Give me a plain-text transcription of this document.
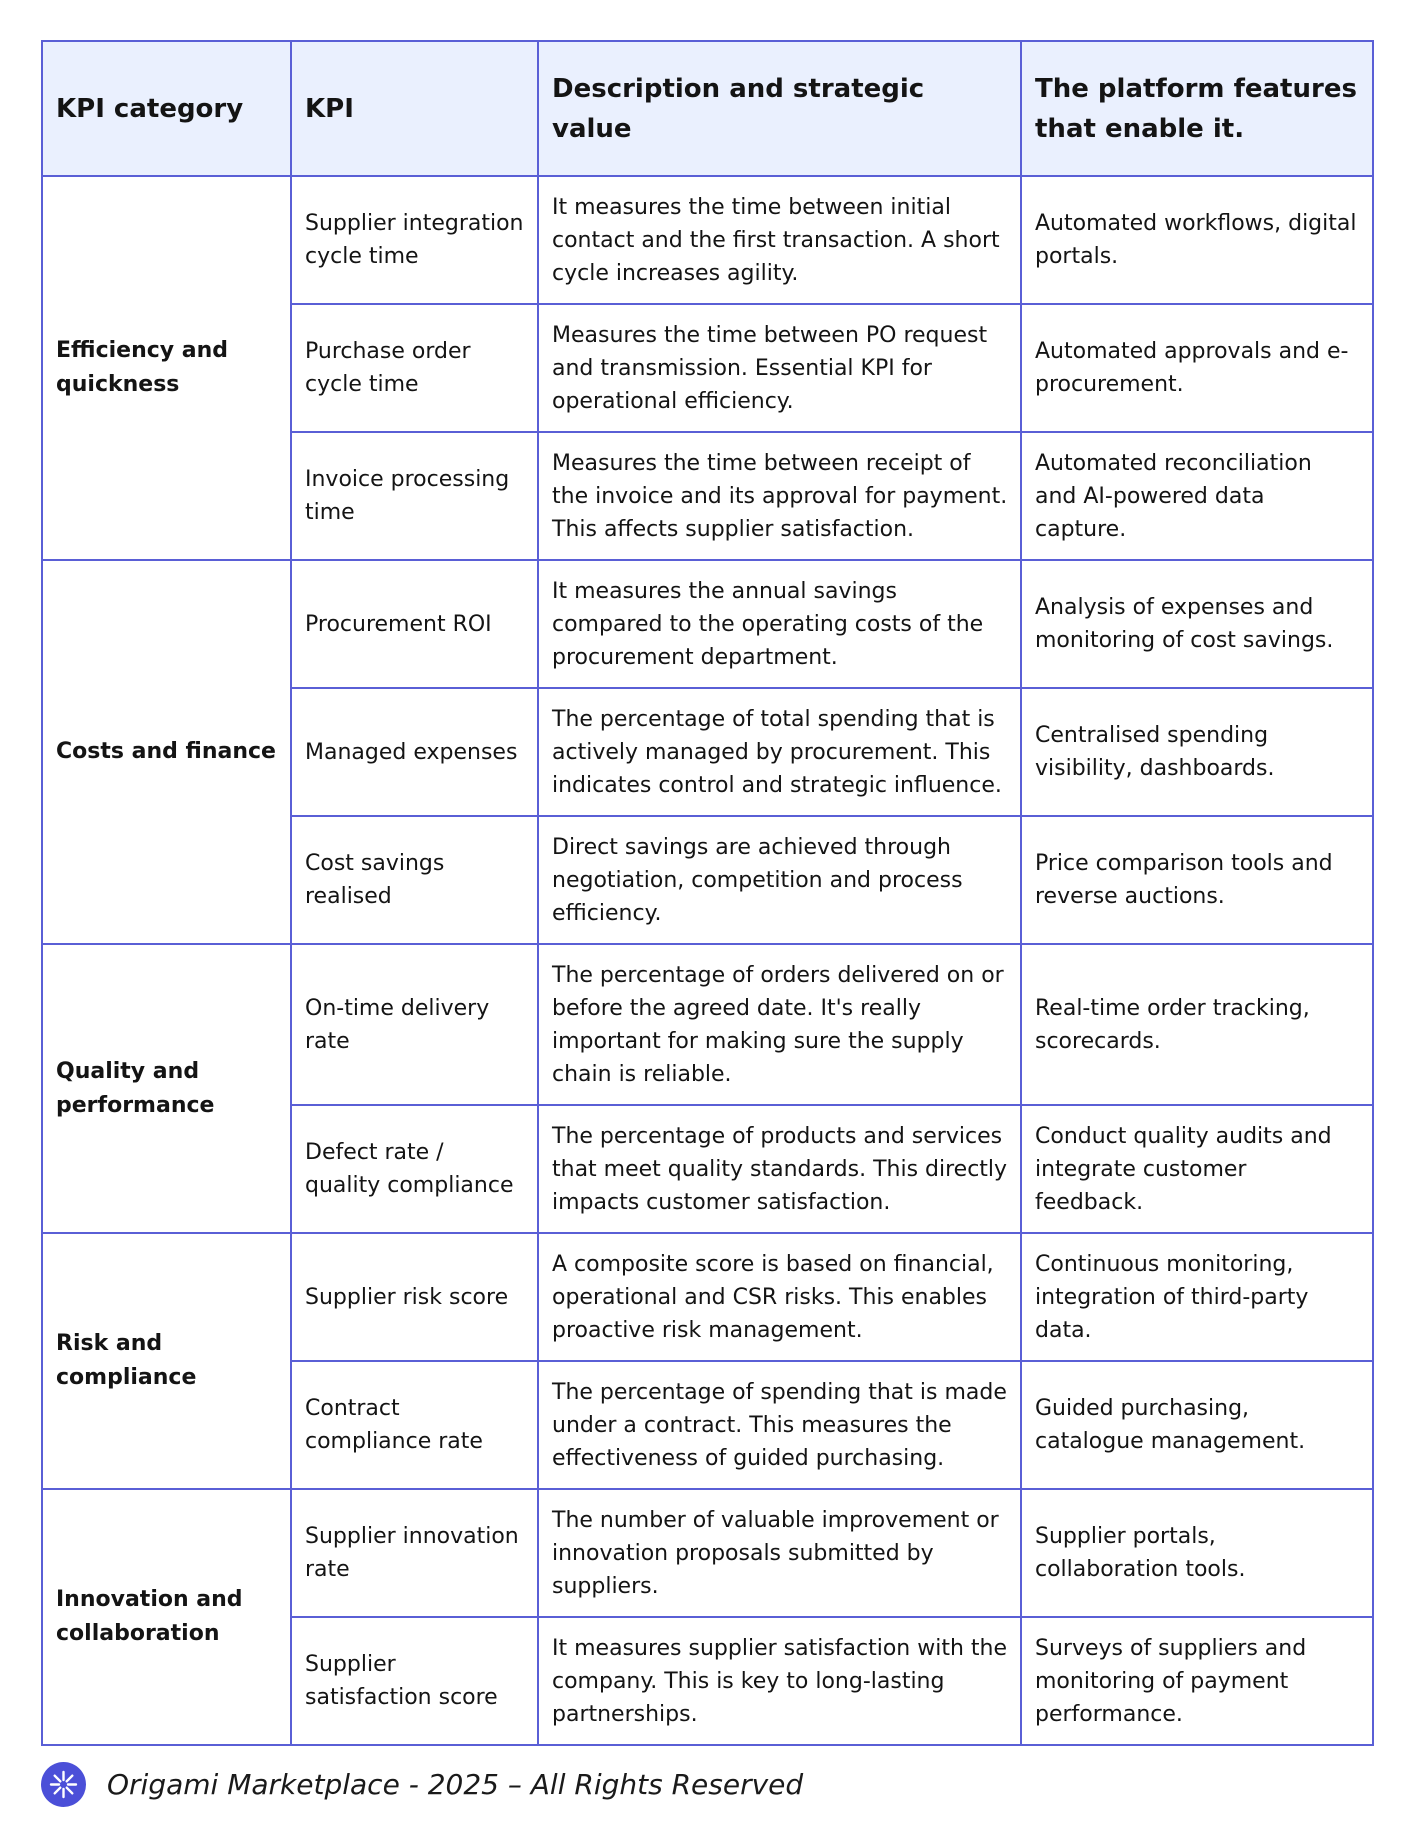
KPI category	KPI	Description and strategic value	The platform features that enable it.
Efficiency and quickness	Supplier integration cycle time	It measures the time between initial contact and the first transaction. A short cycle increases agility.	Automated workflows, digital portals.
	Purchase order cycle time	Measures the time between PO request and transmission. Essential KPI for operational efficiency.	Automated approvals and e-procurement.
	Invoice processing time	Measures the time between receipt of the invoice and its approval for payment. This affects supplier satisfaction.	Automated reconciliation and AI-powered data capture.
Costs and finance	Procurement ROI	It measures the annual savings compared to the operating costs of the procurement department.	Analysis of expenses and monitoring of cost savings.
	Managed expenses	The percentage of total spending that is actively managed by procurement. This indicates control and strategic influence.	Centralised spending visibility, dashboards.
	Cost savings realised	Direct savings are achieved through negotiation, competition and process efficiency.	Price comparison tools and reverse auctions.
Quality and performance	On-time delivery rate	The percentage of orders delivered on or before the agreed date. It's really important for making sure the supply chain is reliable.	Real-time order tracking, scorecards.
	Defect rate / quality compliance	The percentage of products and services that meet quality standards. This directly impacts customer satisfaction.	Conduct quality audits and integrate customer feedback.
Risk and compliance	Supplier risk score	A composite score is based on financial, operational and CSR risks. This enables proactive risk management.	Continuous monitoring, integration of third-party data.
	Contract compliance rate	The percentage of spending that is made under a contract. This measures the effectiveness of guided purchasing.	Guided purchasing, catalogue management.
Innovation and collaboration	Supplier innovation rate	The number of valuable improvement or innovation proposals submitted by suppliers.	Supplier portals, collaboration tools.
	Supplier satisfaction score	It measures supplier satisfaction with the company. This is key to long-lasting partnerships.	Surveys of suppliers and monitoring of payment performance.
Origami Marketplace - 2025 – All Rights Reserved
